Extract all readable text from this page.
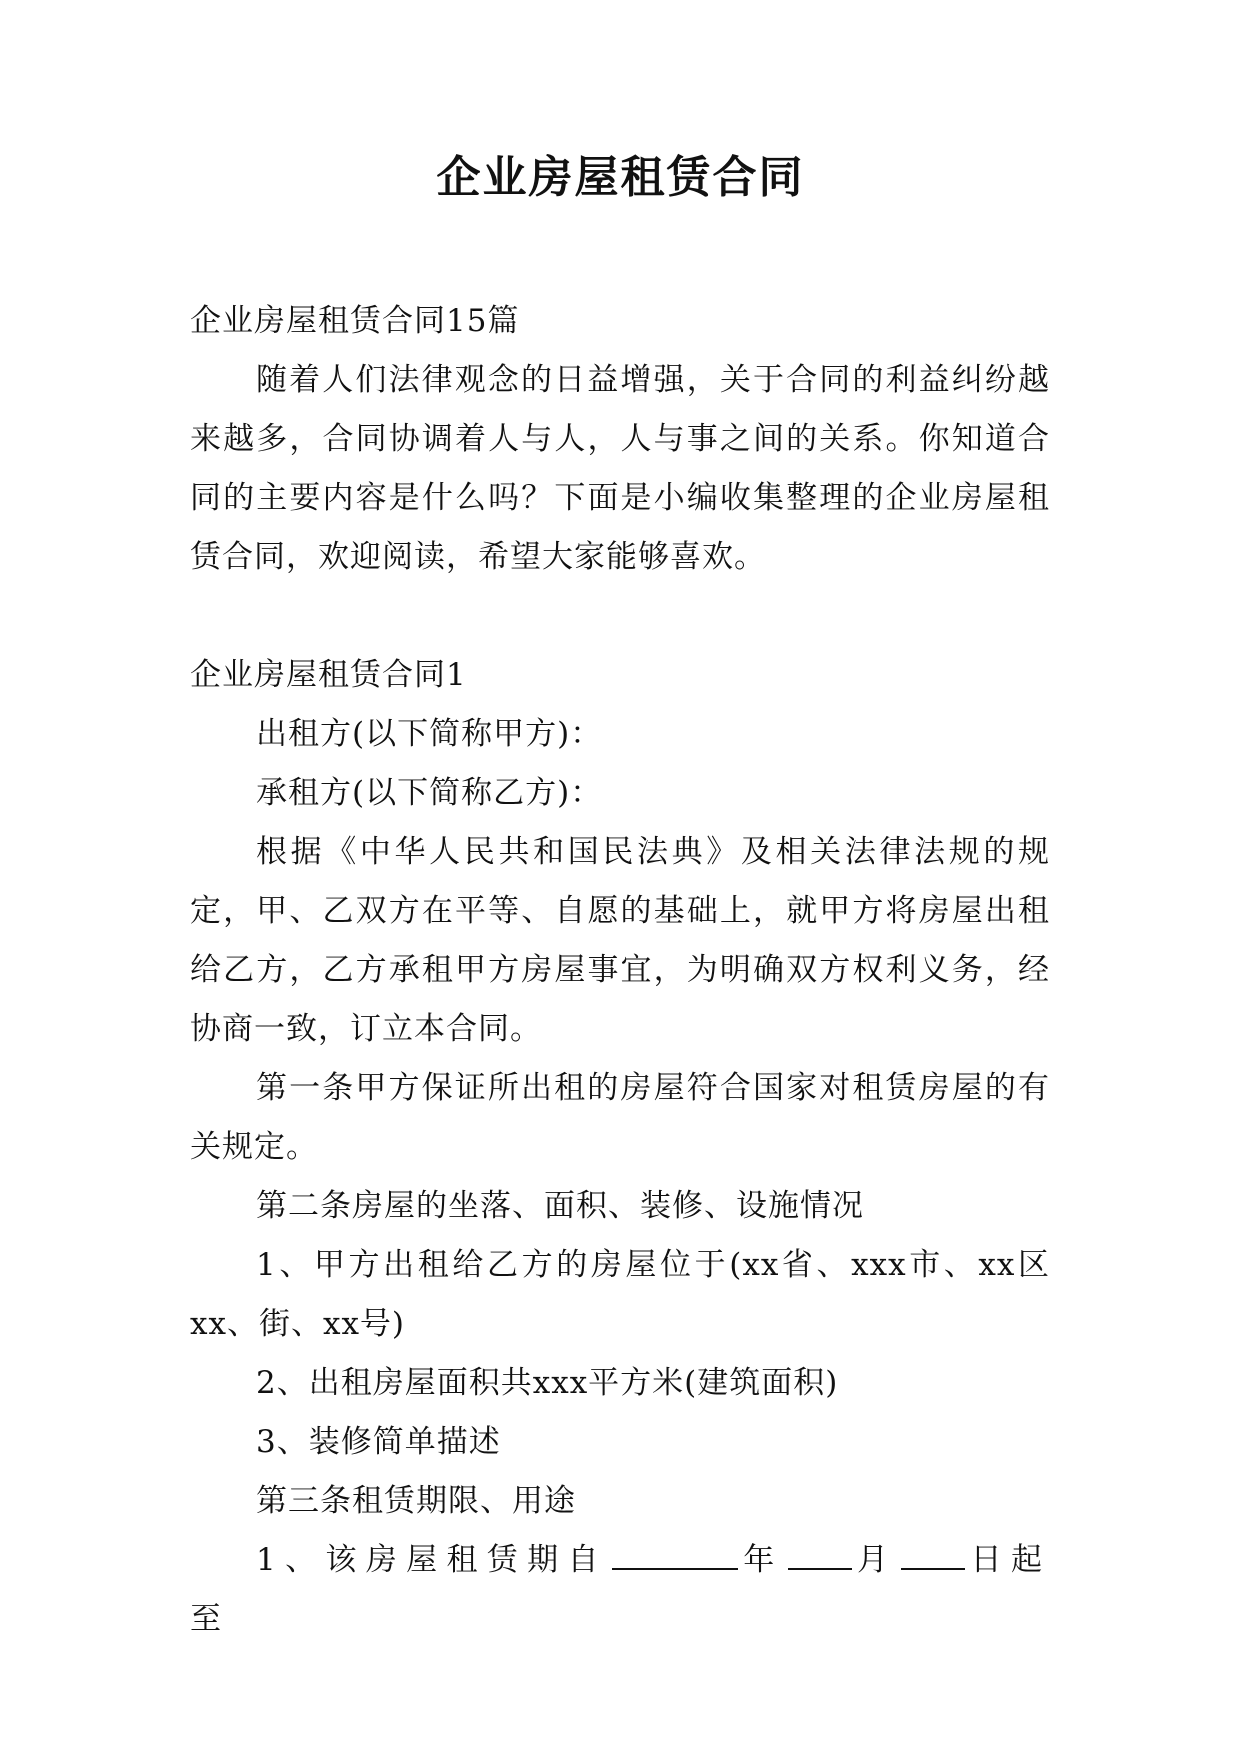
企业房屋租赁合同

企业房屋租赁合同15篇

随着人们法律观念的日益增强，关于合同的利益纠纷越来越多，合同协调着人与人，人与事之间的关系。你知道合同的主要内容是什么吗？下面是小编收集整理的企业房屋租赁合同，欢迎阅读，希望大家能够喜欢。

企业房屋租赁合同1

出租方(以下简称甲方)：

承租方(以下简称乙方)：

根据《中华人民共和国民法典》及相关法律法规的规定，甲、乙双方在平等、自愿的基础上，就甲方将房屋出租给乙方，乙方承租甲方房屋事宜，为明确双方权利义务，经协商一致，订立本合同。

第一条甲方保证所出租的房屋符合国家对租赁房屋的有关规定。

第二条房屋的坐落、面积、装修、设施情况

1、甲方出租给乙方的房屋位于(xx省、xxx市、xx区xx、街、xx号)

2、出租房屋面积共xxx平方米(建筑面积)

3、装修简单描述

第三条租赁期限、用途

1、该房屋租赁期自	年 月 日起至
